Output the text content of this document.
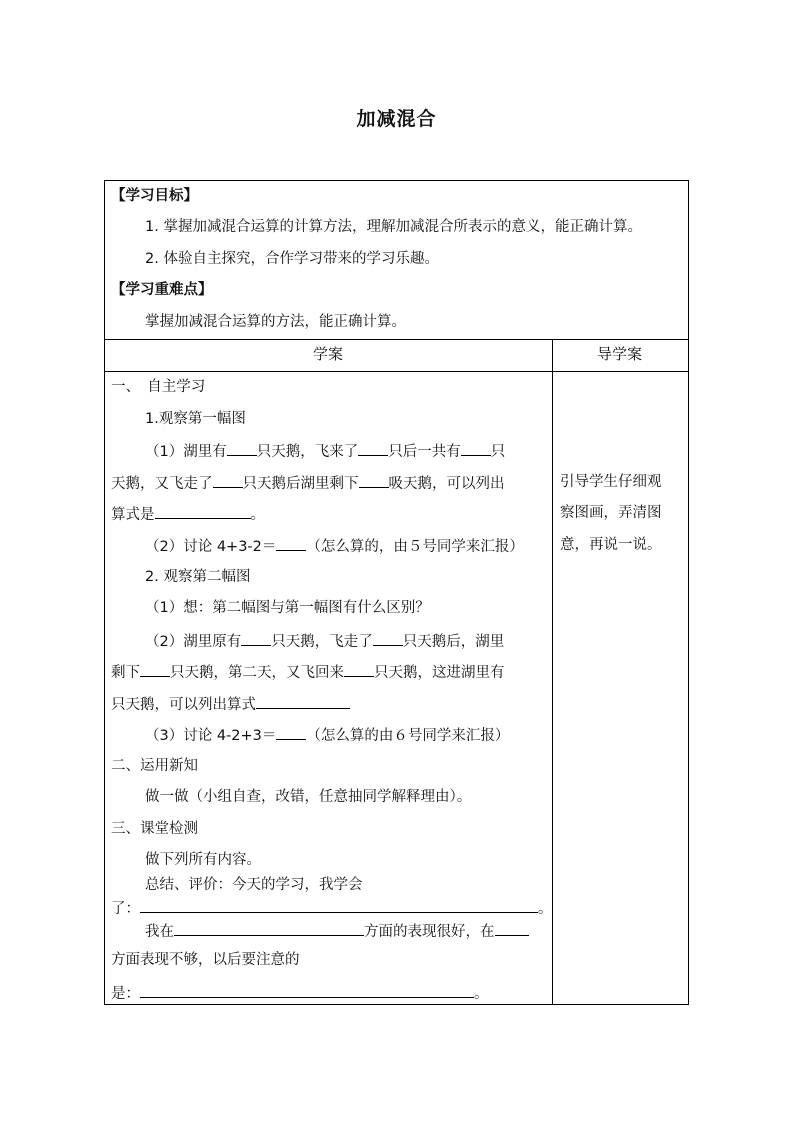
加减混合
【学习目标】
1. 掌握加减混合运算的计算方法，理解加减混合所表示的意义，能正确计算。
2. 体验自主探究，合作学习带来的学习乐趣。
【学习重难点】
掌握加减混合运算的方法，能正确计算。
学案	导学案
一、　自主学习
1.观察第一幅图
（1）湖里有 只天鹅，飞来了 只后一共有 只
天鹅，又飞走了 只天鹅后湖里剩下 吸天鹅，可以列出
算式是	。
（2）讨论 4+3-2＝ （怎么算的，由５号同学来汇报）
2. 观察第二幅图
（1）想：第二幅图与第一幅图有什么区别？
（2）湖里原有 只天鹅，飞走了 只天鹅后，湖里
剩下 只天鹅，第二天，又飞回来 只天鹅，这进湖里有
只天鹅，可以列出算式
（3）讨论 4-2+3＝ （怎么算的由６号同学来汇报）
二、运用新知
做一做（小组自查，改错，任意抽同学解释理由）。
三、课堂检测
做下列所有内容。
总结、评价：今天的学习，我学会
了：	。
我在	方面的表现很好，在
方面表现不够，以后要注意的
是：	。
引导学生仔细观
察图画，弄清图
意，再说一说。
